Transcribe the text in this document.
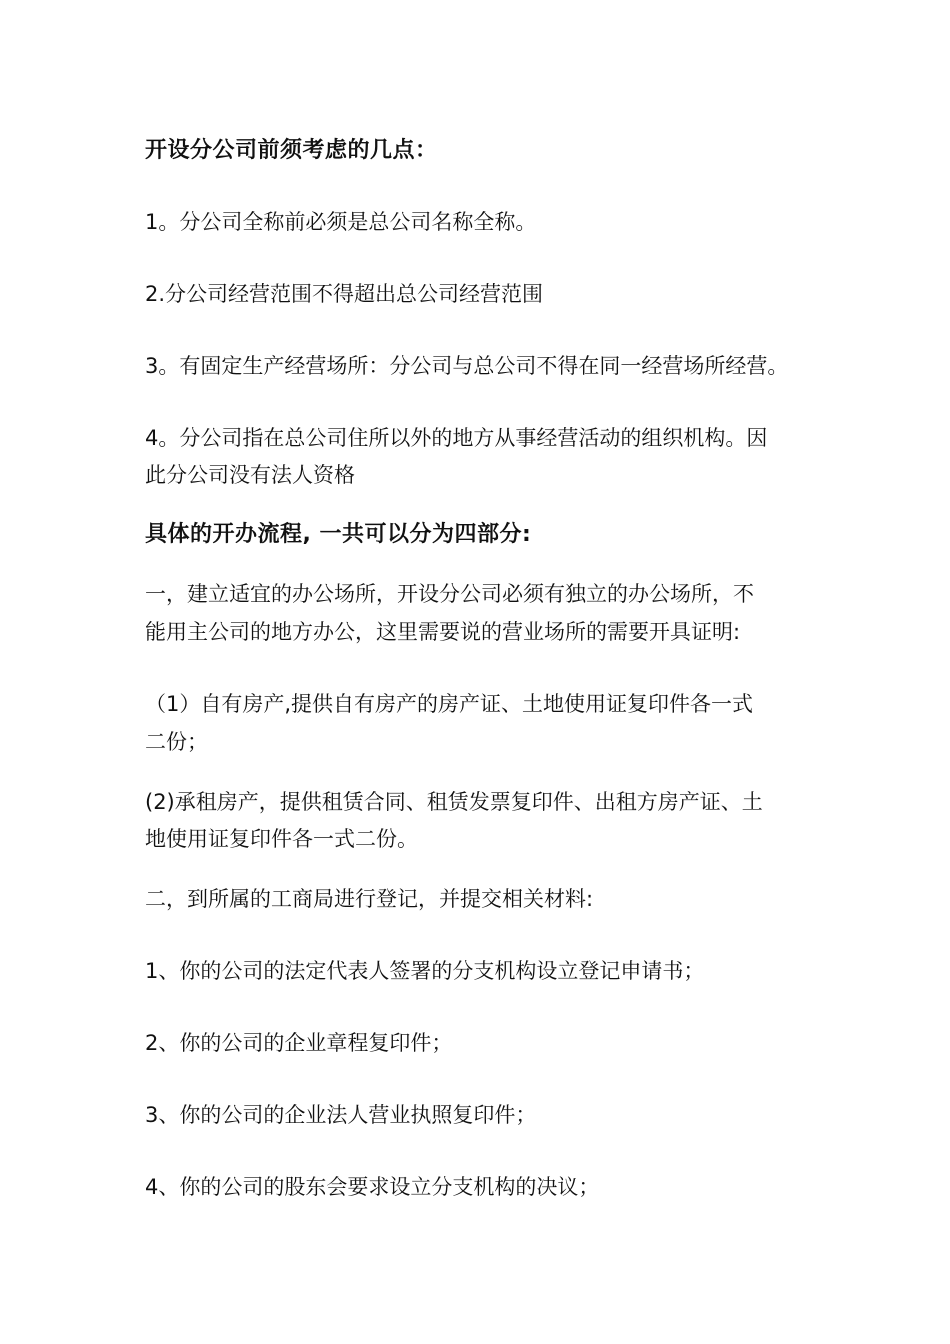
开设分公司前须考虑的几点：
1。分公司全称前必须是总公司名称全称。
2.分公司经营范围不得超出总公司经营范围
3。有固定生产经营场所：分公司与总公司不得在同一经营场所经营。
4。分公司指在总公司住所以外的地方从事经营活动的组织机构。因
此分公司没有法人资格
具体的开办流程, 一共可以分为四部分:
一，建立适宜的办公场所，开设分公司必须有独立的办公场所，不
能用主公司的地方办公，这里需要说的营业场所的需要开具证明:
（1）自有房产,提供自有房产的房产证、土地使用证复印件各一式
二份；
(2)承租房产，提供租赁合同、租赁发票复印件、出租方房产证、土
地使用证复印件各一式二份。
二，到所属的工商局进行登记，并提交相关材料:
1、你的公司的法定代表人签署的分支机构设立登记申请书；
2、你的公司的企业章程复印件；
3、你的公司的企业法人营业执照复印件；
4、你的公司的股东会要求设立分支机构的决议；
